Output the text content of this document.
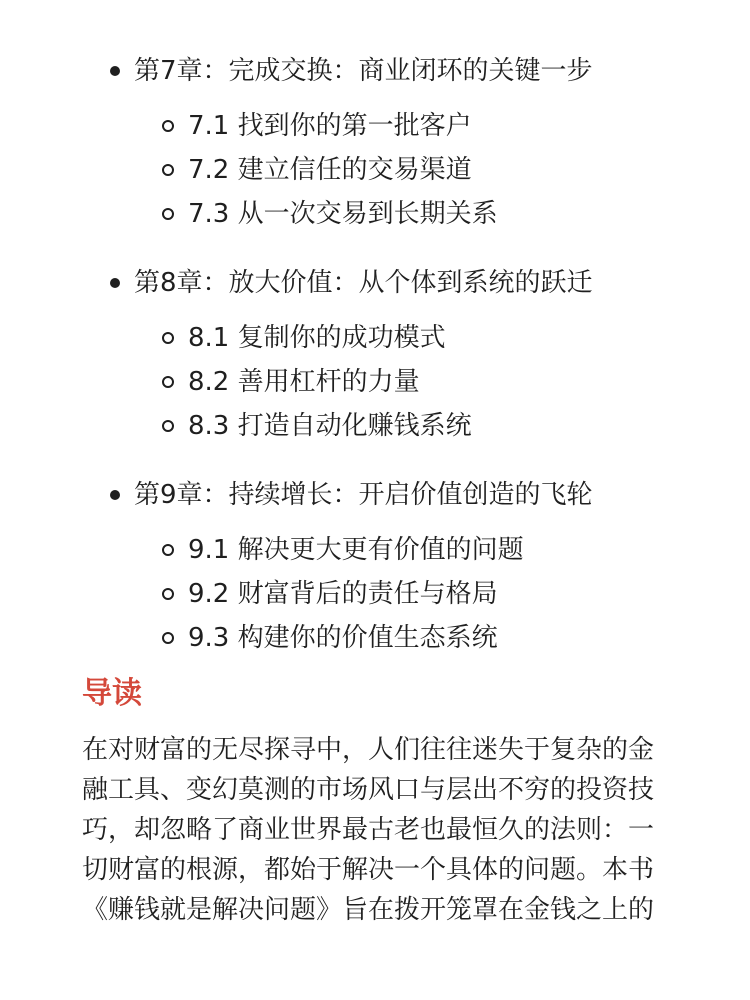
第7章：完成交换：商业闭环的关键一步
7.1 找到你的第一批客户
7.2 建立信任的交易渠道
7.3 从一次交易到长期关系
第8章：放大价值：从个体到系统的跃迁
8.1 复制你的成功模式
8.2 善用杠杆的力量
8.3 打造自动化赚钱系统
第9章：持续增长：开启价值创造的飞轮
9.1 解决更大更有价值的问题
9.2 财富背后的责任与格局
9.3 构建你的价值生态系统
导读

在对财富的无尽探寻中，人们往往迷失于复杂的金
融工具、变幻莫测的市场风口与层出不穷的投资技
巧，却忽略了商业世界最古老也最恒久的法则：一
切财富的根源，都始于解决一个具体的问题。本书
《赚钱就是解决问题》旨在拨开笼罩在金钱之上的
